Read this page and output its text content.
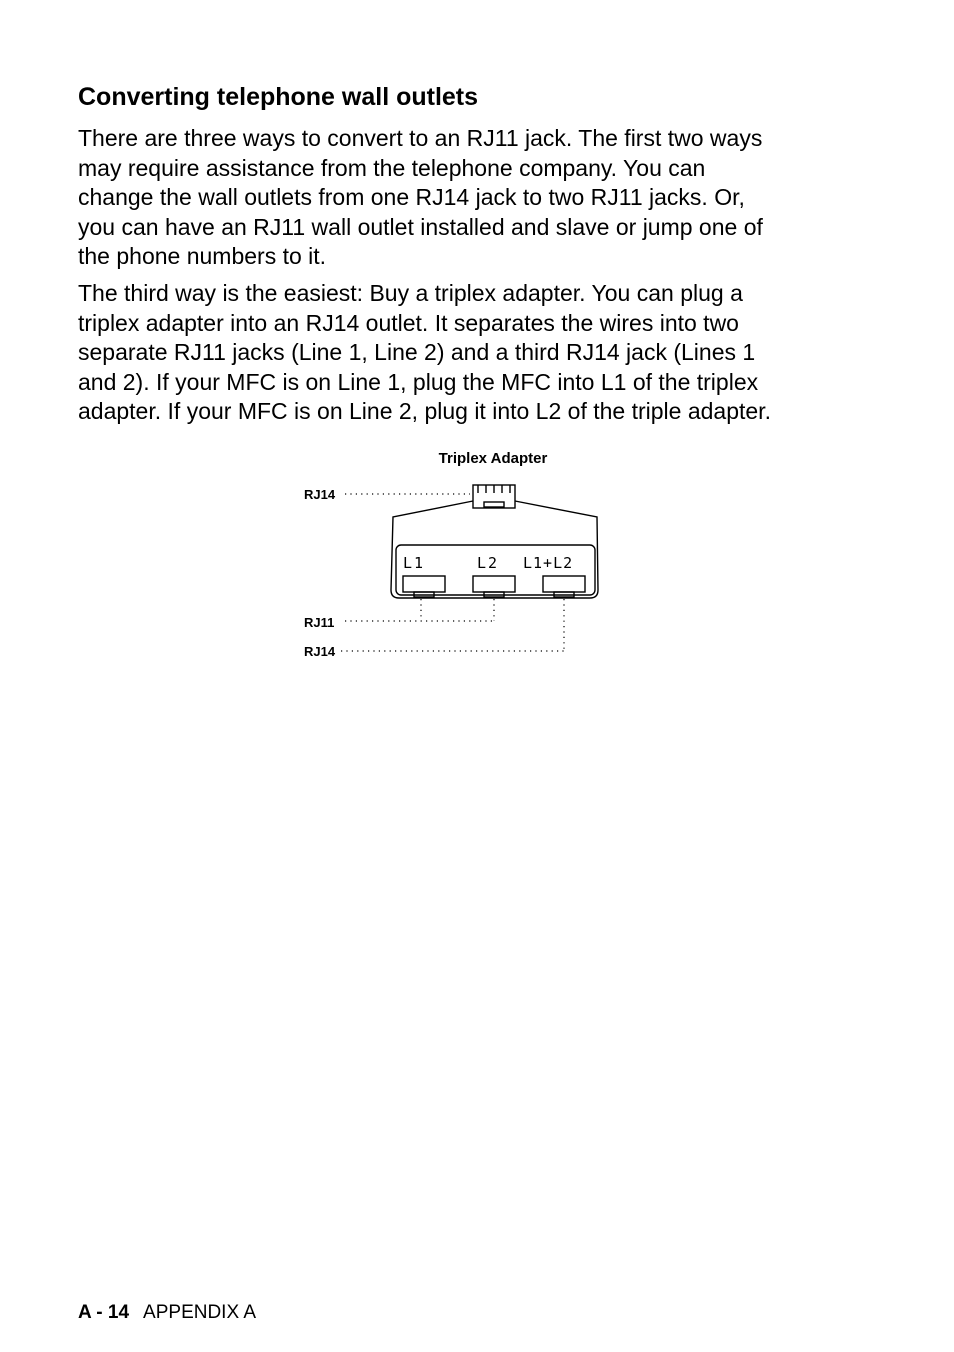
Converting telephone wall outlets

There are three ways to convert to an RJ11 jack. The first two ways
may require assistance from the telephone company. You can
change the wall outlets from one RJ14 jack to two RJ11 jacks. Or,
you can have an RJ11 wall outlet installed and slave or jump one of
the phone numbers to it.

The third way is the easiest: Buy a triplex adapter. You can plug a
triplex adapter into an RJ14 outlet. It separates the wires into two
separate RJ11 jacks (Line 1, Line 2) and a third RJ14 jack (Lines 1
and 2). If your MFC is on Line 1, plug the MFC into L1 of the triplex
adapter. If your MFC is on Line 2, plug it into L2 of the triple adapter.

Triplex Adapter
RJ14
RJ11
RJ14
L1	L2 L1+L2
A - 14 APPENDIX A
